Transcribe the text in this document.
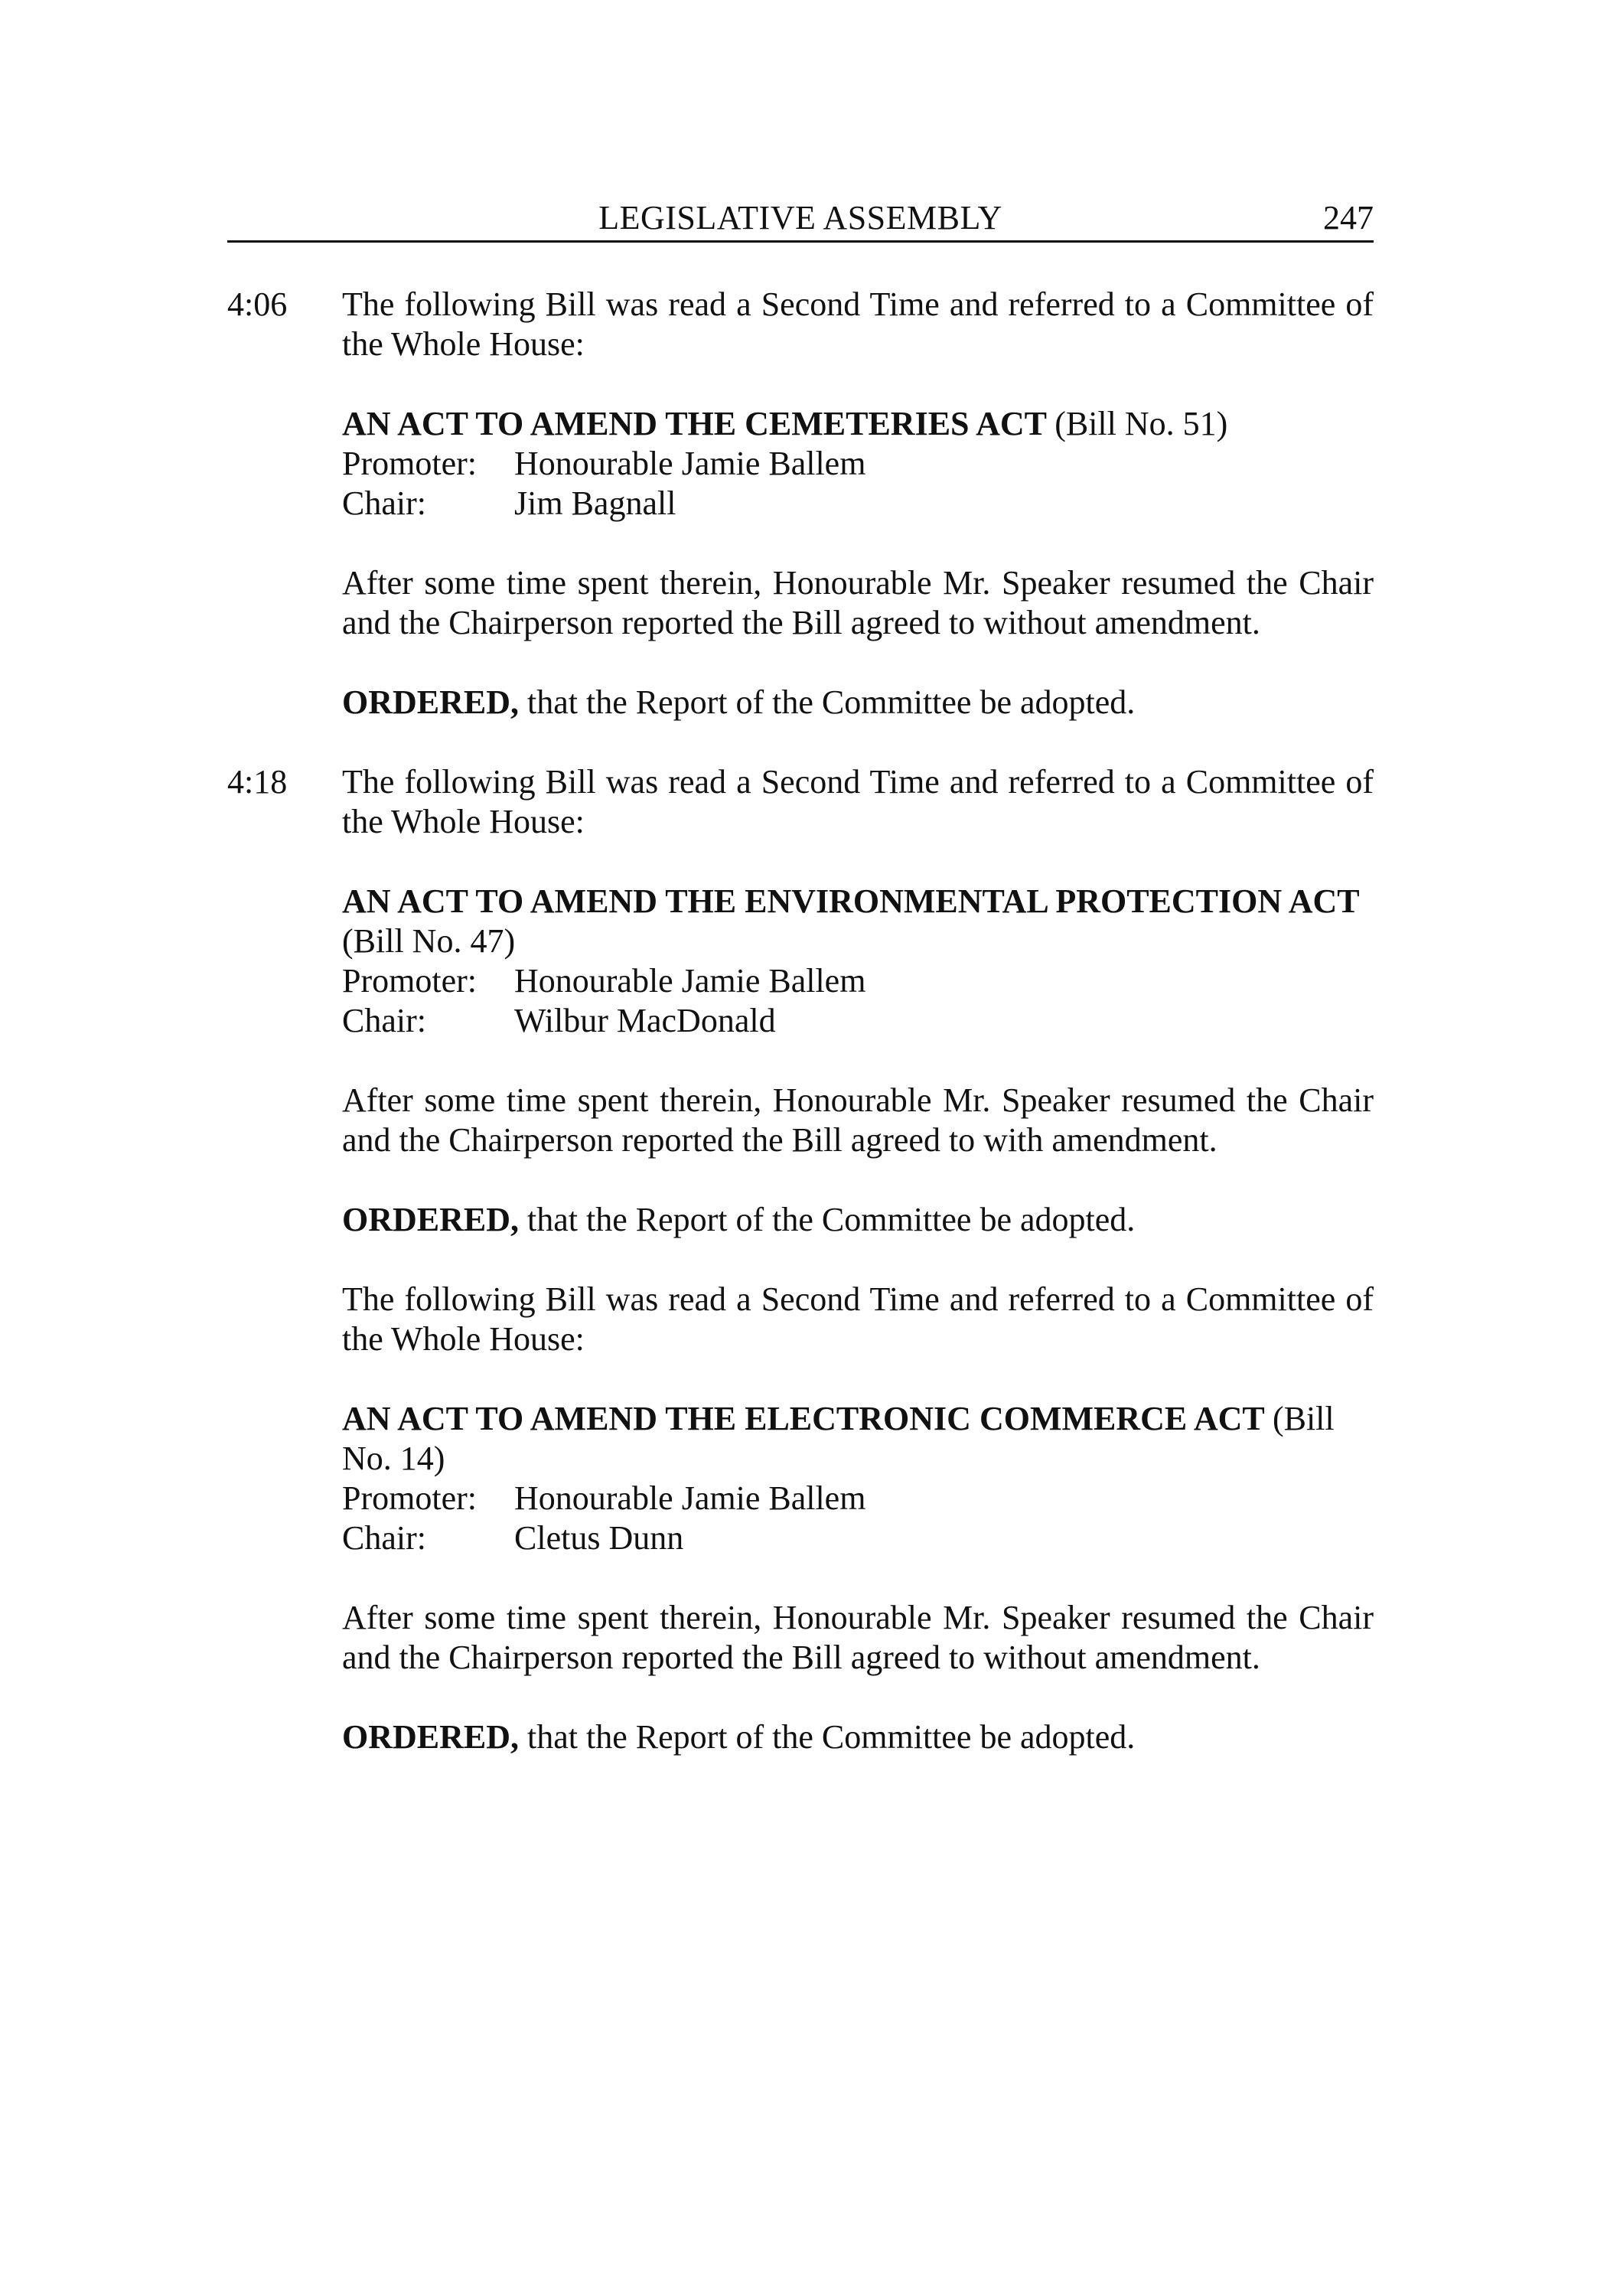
LEGISLATIVE ASSEMBLY	247
4:06	The following Bill was read a Second Time and referred to a Committee of the Whole House:

AN ACT TO AMEND THE CEMETERIES ACT (Bill No. 51)

Promoter:	Honourable Jamie Ballem
Chair:	Jim Bagnall

After some time spent therein, Honourable Mr. Speaker resumed the Chair and the Chairperson reported the Bill agreed to without amendment.

ORDERED, that the Report of the Committee be adopted.

4:18	The following Bill was read a Second Time and referred to a Committee of the Whole House:

AN ACT TO AMEND THE ENVIRONMENTAL PROTECTION ACT (Bill No. 47)

Promoter:	Honourable Jamie Ballem
Chair:	Wilbur MacDonald

After some time spent therein, Honourable Mr. Speaker resumed the Chair and the Chairperson reported the Bill agreed to with amendment.

ORDERED, that the Report of the Committee be adopted.

The following Bill was read a Second Time and referred to a Committee of the Whole House:

AN ACT TO AMEND THE ELECTRONIC COMMERCE ACT (Bill No. 14)

Promoter:	Honourable Jamie Ballem
Chair:	Cletus Dunn

After some time spent therein, Honourable Mr. Speaker resumed the Chair and the Chairperson reported the Bill agreed to without amendment.

ORDERED, that the Report of the Committee be adopted.
